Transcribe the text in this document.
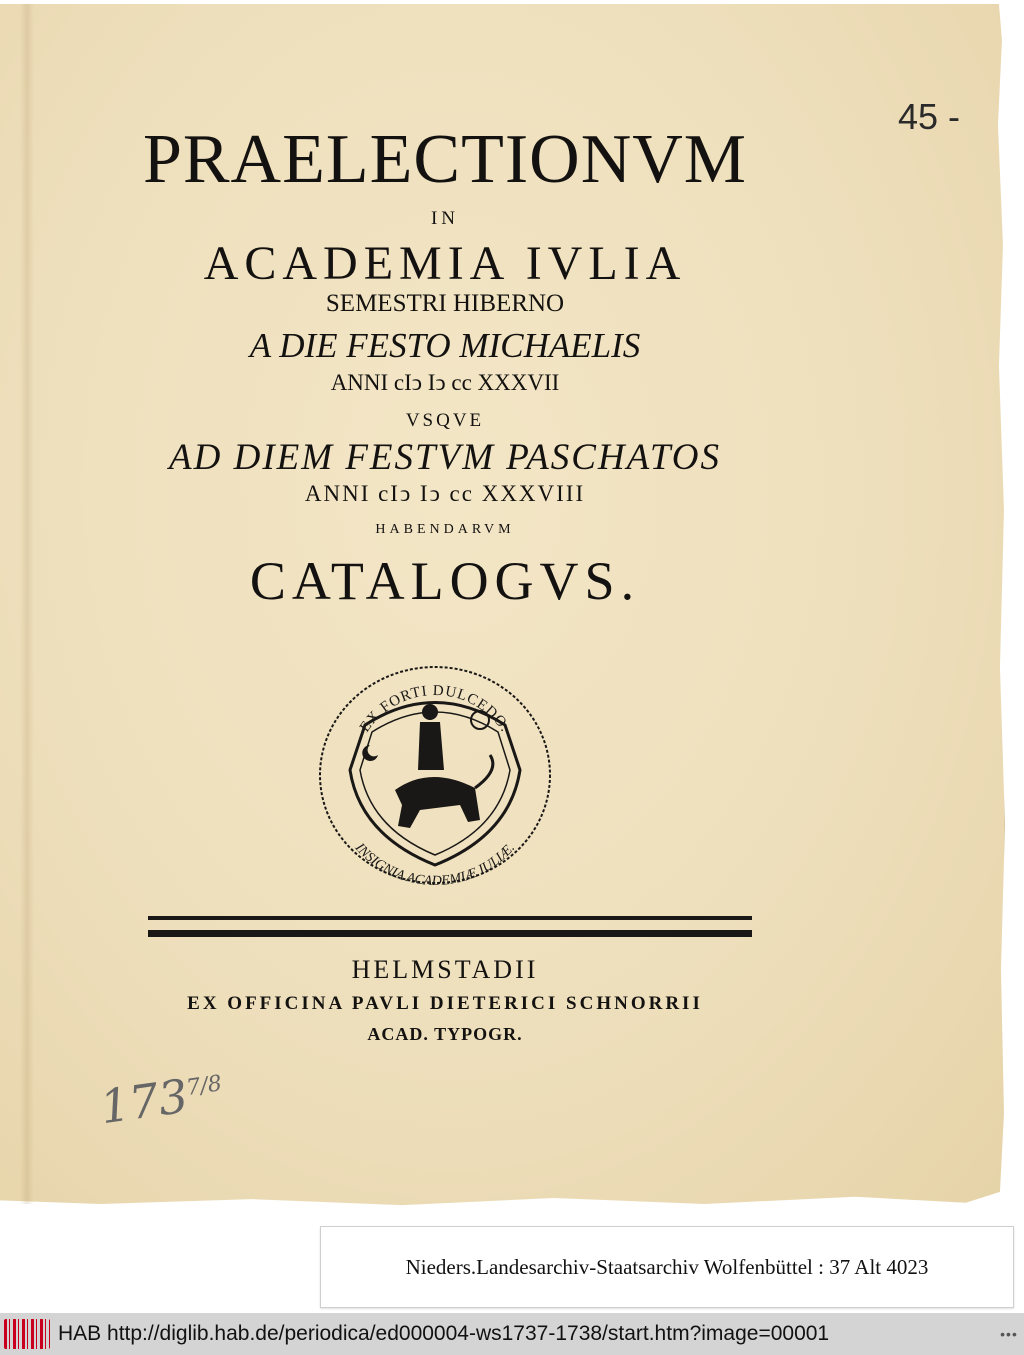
45 -
PRAELECTIONVM
IN
ACADEMIA IVLIA
SEMESTRI HIBERNO
A DIE FESTO MICHAELIS
ANNI cIↄ Iↄ cc XXXVII
VSQVE
AD DIEM FESTVM PASCHATOS
ANNI cIↄ Iↄ cc XXXVIII
HABENDARVM
CATALOGVS.
EX FORTI DULCEDO.
INSIGNIA ACADEMIÆ IULIÆ.
HELMSTADII
EX OFFICINA PAVLI DIETERICI SCHNORRII
ACAD. TYPOGR.
$173^{7/8}$
Nieders.Landesarchiv-Staatsarchiv Wolfenbüttel : 37 Alt 4023
HAB http://diglib.hab.de/periodica/ed000004-ws1737-1738/start.htm?image=00001	•••
